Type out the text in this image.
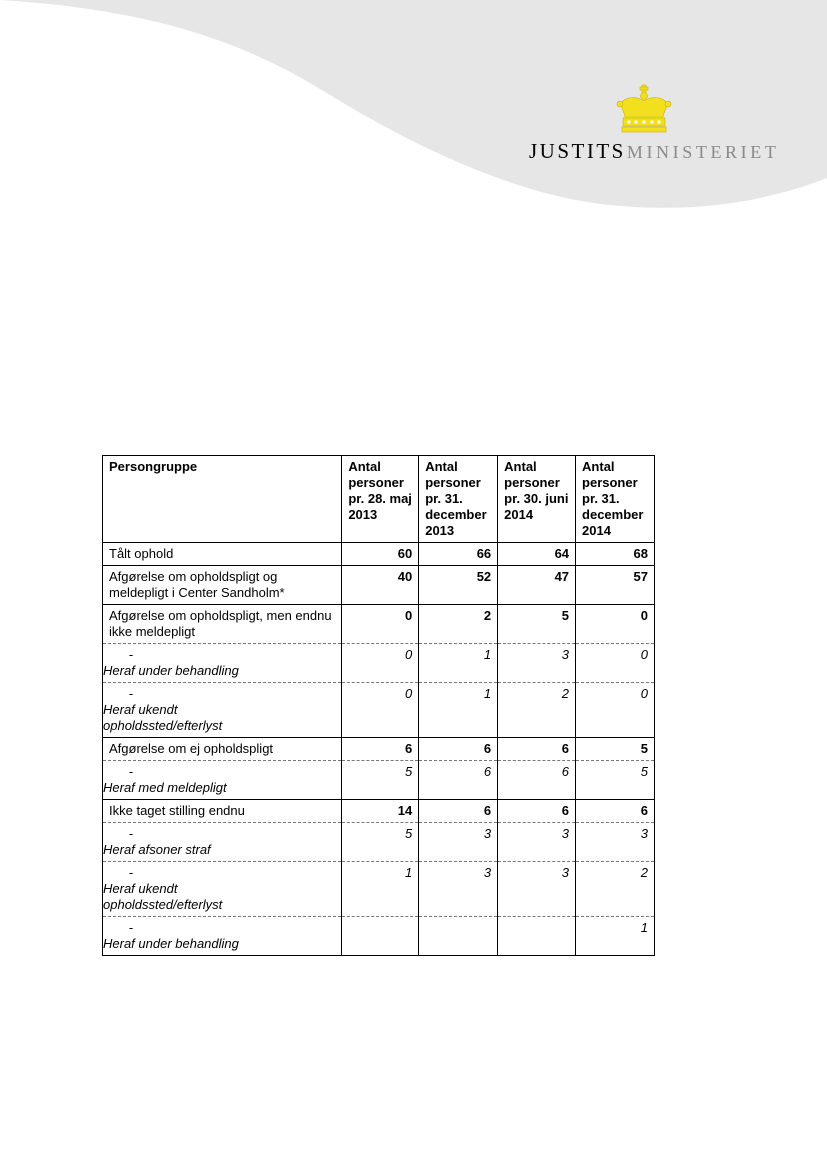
JUSTITSMINISTERIET
Persongruppe	Antal personer pr. 28. maj 2013	Antal personer pr. 31. december 2013	Antal personer pr. 30. juni 2014	Antal personer pr. 31. december 2014
Tålt ophold	60	66	64	68
Afgørelse om opholdspligt og meldepligt i Center Sandholm*	40	52	47	57
Afgørelse om opholdspligt, men endnu ikke meldepligt	0	2	5	0
-Heraf under behandling	0	1	3	0
-Heraf ukendt opholdssted/efterlyst	0	1	2	0
Afgørelse om ej opholdspligt	6	6	6	5
-Heraf med meldepligt	5	6	6	5
Ikke taget stilling endnu	14	6	6	6
-Heraf afsoner straf	5	3	3	3
-Heraf ukendt opholdssted/efterlyst	1	3	3	2
-Heraf under behandling				1
